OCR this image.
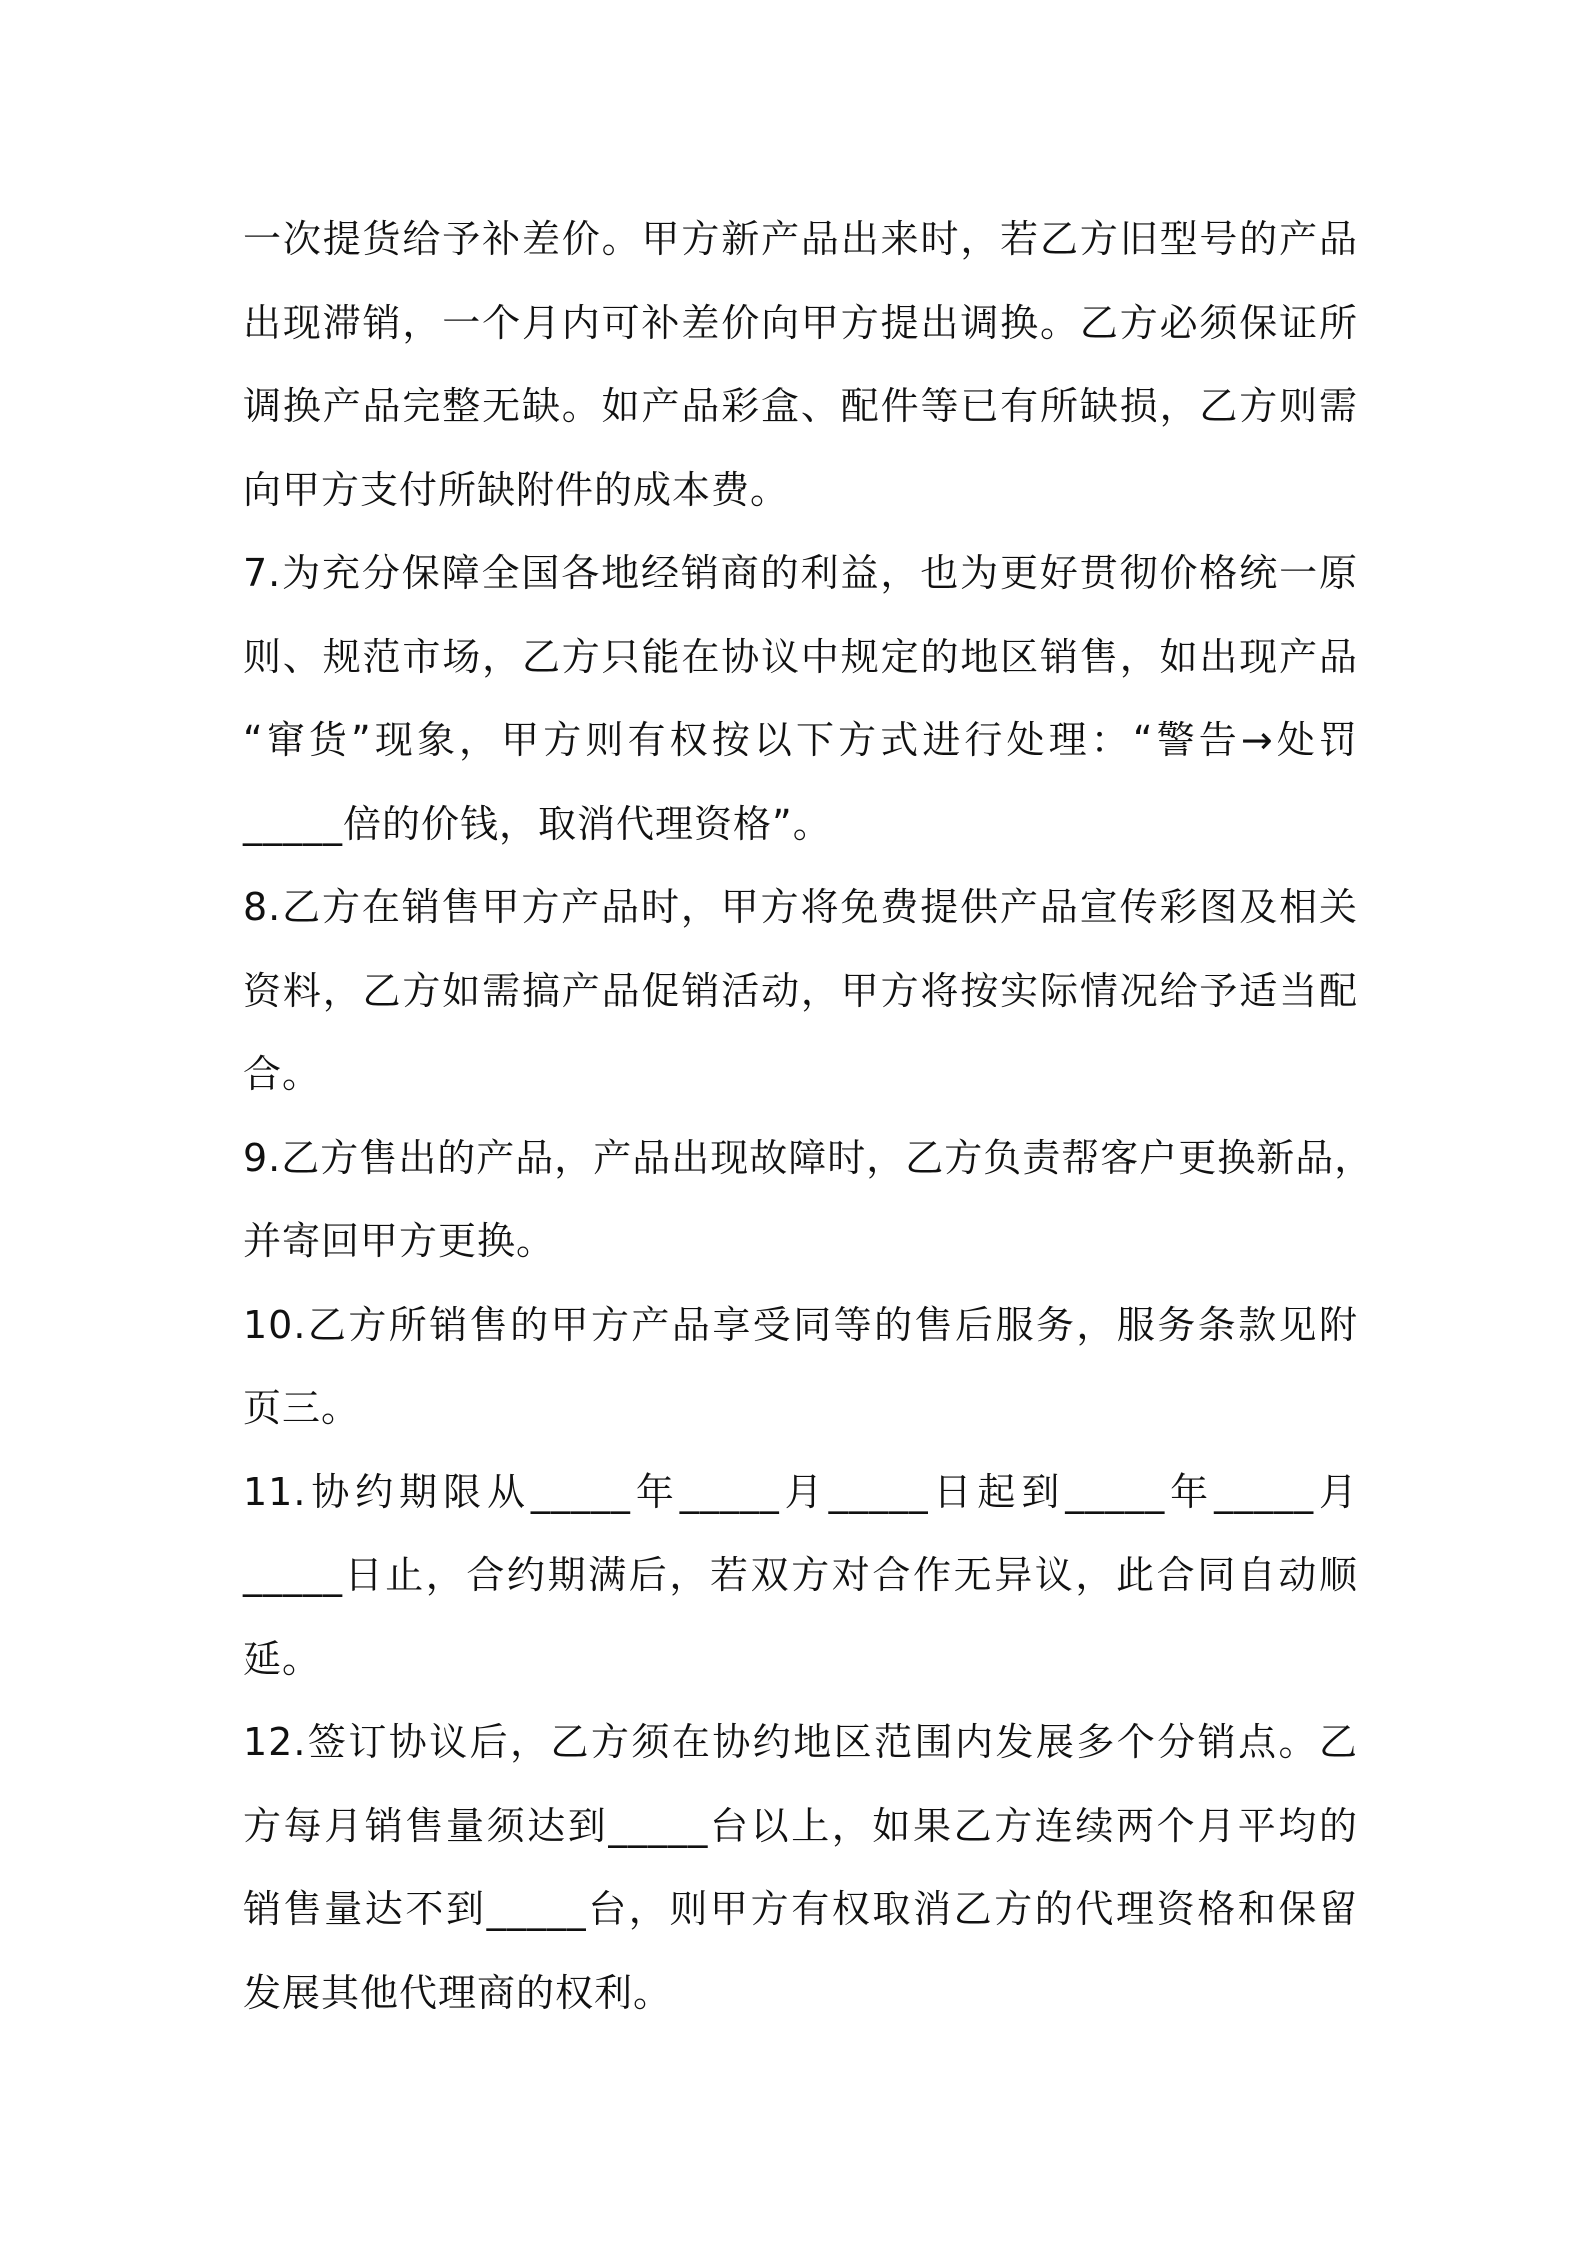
一次提货给予补差价。甲方新产品出来时，若乙方旧型号的产品
出现滞销，一个月内可补差价向甲方提出调换。乙方必须保证所
调换产品完整无缺。如产品彩盒、配件等已有所缺损，乙方则需
向甲方支付所缺附件的成本费。
7.为充分保障全国各地经销商的利益，也为更好贯彻价格统一原
则、规范市场，乙方只能在协议中规定的地区销售，如出现产品
“窜货”现象，甲方则有权按以下方式进行处理：“警告→处罚
_____倍的价钱，取消代理资格”。
8.乙方在销售甲方产品时，甲方将免费提供产品宣传彩图及相关
资料，乙方如需搞产品促销活动，甲方将按实际情况给予适当配
合。
9.乙方售出的产品，产品出现故障时，乙方负责帮客户更换新品，
并寄回甲方更换。
10.乙方所销售的甲方产品享受同等的售后服务，服务条款见附
页三。
11.协约期限从_____年_____月_____日起到_____年_____月
_____日止，合约期满后，若双方对合作无异议，此合同自动顺
延。
12.签订协议后，乙方须在协约地区范围内发展多个分销点。乙
方每月销售量须达到_____台以上，如果乙方连续两个月平均的
销售量达不到_____台，则甲方有权取消乙方的代理资格和保留
发展其他代理商的权利。
